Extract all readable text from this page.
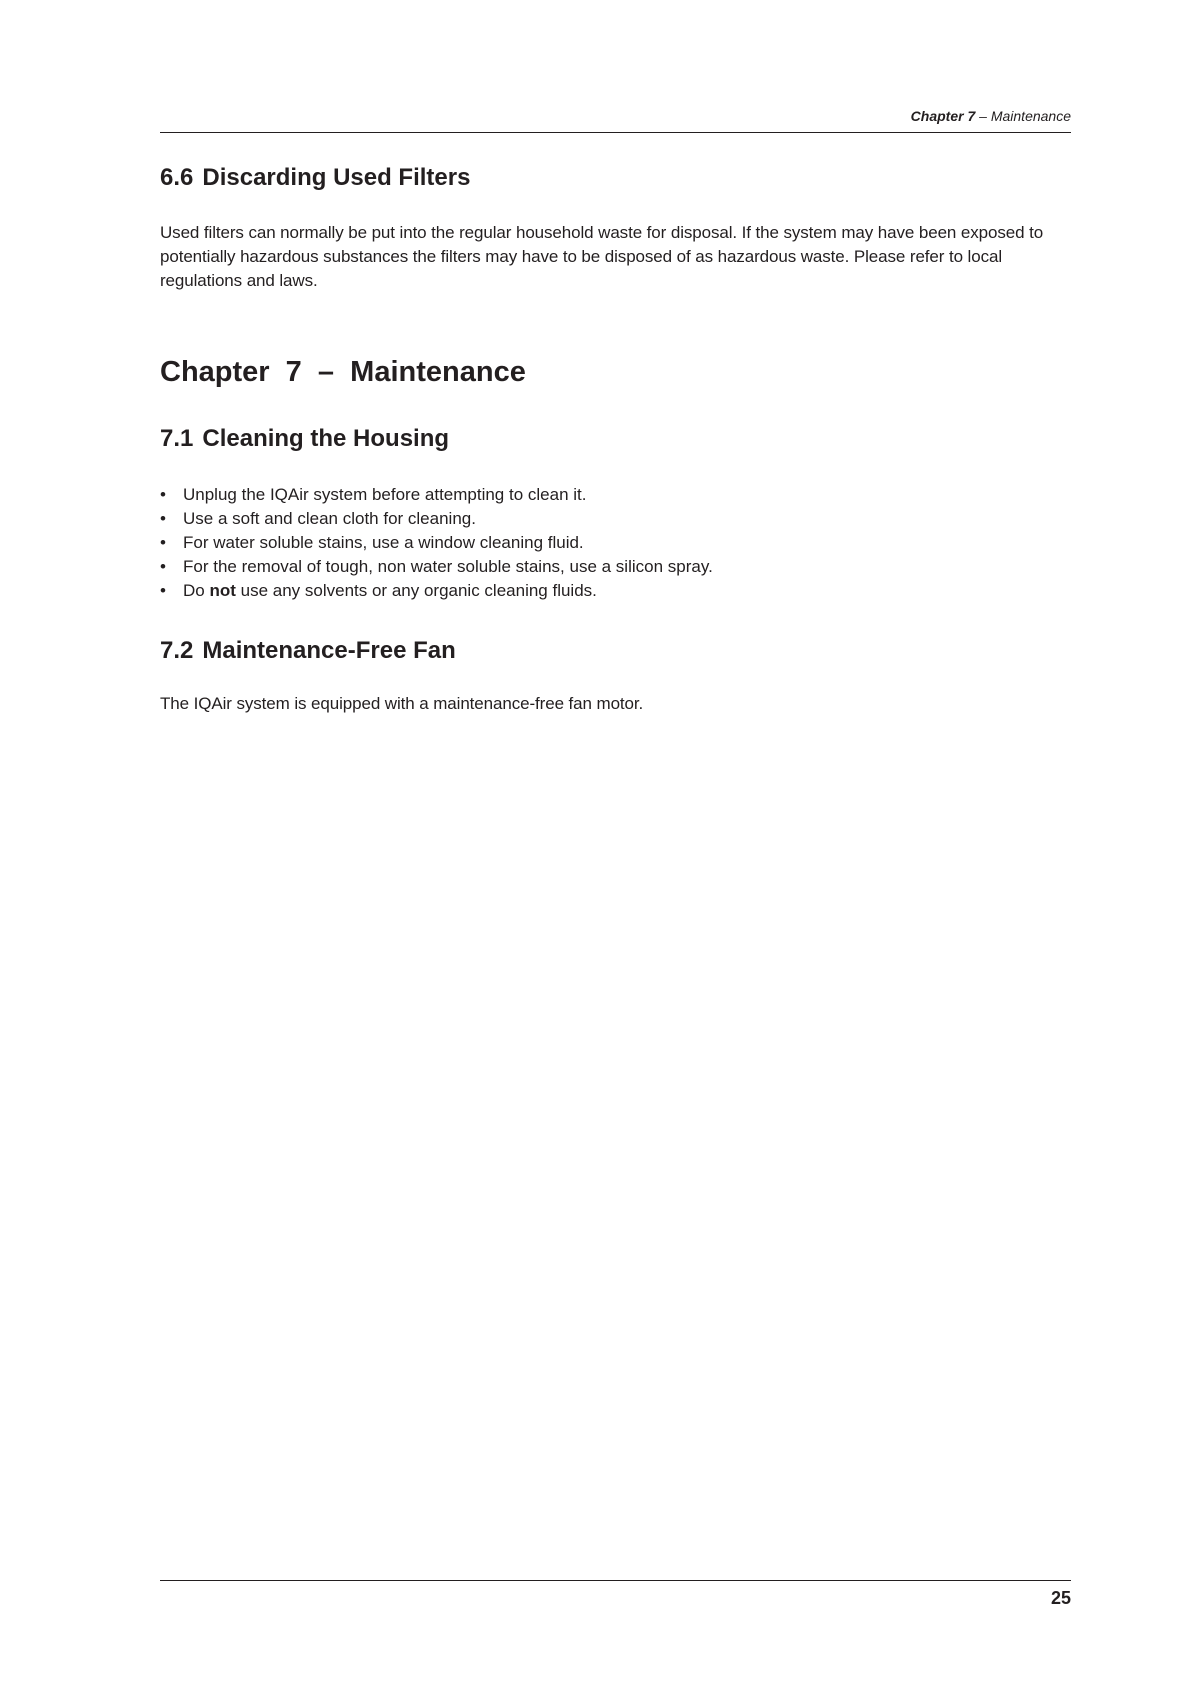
Chapter 7 – Maintenance
6.6 Discarding Used Filters

Used filters can normally be put into the regular household waste for disposal. If the system may have been exposed to potentially hazardous substances the filters may have to be disposed of as hazardous waste. Please refer to local regulations and laws.

Chapter  7  –  Maintenance
7.1 Cleaning the Housing
• Unplug the IQAir system before attempting to clean it.
• Use a soft and clean cloth for cleaning.
• For water soluble stains, use a window cleaning fluid.
• For the removal of tough, non water soluble stains, use a silicon spray.
• Do not use any solvents or any organic cleaning fluids.
7.2 Maintenance-Free Fan

The IQAir system is equipped with a maintenance-free fan motor.

25
